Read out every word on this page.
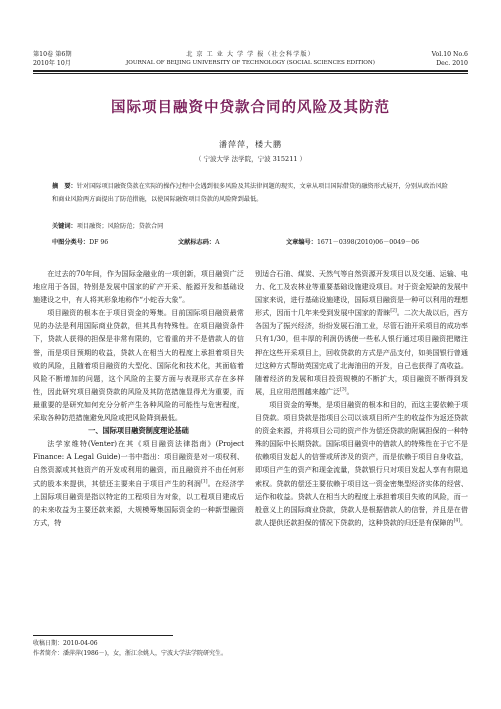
第10卷 第6期
2010年 10月
北 京 工 业 大 学 学 报（社会科学版）
JOURNAL OF BEIJING UNIVERSITY OF TECHNOLOGY (SOCIAL SCIENCES EDITION)
Vol.10 No.6
Dec. 2010
国际项目融资中贷款合同的风险及其防范
潘萍萍，楼大鹏
（ 宁波大学 法学院，宁波 315211 ）
摘　要：针对国际项目融资贷款在实际的操作过程中会遇到很多风险及其法律问题的现实，文章从项目国际借贷的融资形式展开，分别从政治风险和商业风险两方面提出了防范措施，以使国际融资项目贷款的风险降到最低。
关键词：项目融资；风险防范；贷款合同
中图分类号：DF 96	文献标志码：A	文章编号：1671－0398(2010)06－0049－06

在过去的70年间，作为国际金融业的一项创新，项目融资广泛地应用于各国，特别是发展中国家的矿产开采、能源开发和基础设施建设之中，有人将其形象地称作“小蛇吞大象”。

项目融资的根本在于项目资金的筹集。目前国际项目融资最常见的办法是利用国际商业贷款，但其具有特殊性。在项目融资条件下，贷款人获得的担保是非常有限的，它看重的并不是借款人的信誉，而是项目预期的收益，贷款人在相当大的程度上承担着项目失败的风险，且随着项目融资的大型化、国际化和技术化，其面临着风险不断增加的问题，这个风险的主要方面与表现形式存在多样性，因此研究项目融资贷款的风险及其防范措施显得尤为重要，而最重要的是研究如何充分分析产生各种风险的可能性与危害程度，采取各种防范措施避免风险或把风险降到最低。

一、国际项目融资制度理论基础

法学家维特(Venter)在其《项目融资法律指南》(Project Finance: A Legal Guide)一书中指出：项目融资是对一项权利、自然资源或其他资产的开发或利用的融资，而且融资并不由任何形式的股本来提供，其偿还主要来自于项目产生的利润[1]。在经济学上国际项目融资是指以特定的工程项目为对象，以工程项目建成后的未来收益为主要还款来源，大规模筹集国际资金的一种新型融资方式，特

别适合石油、煤炭、天然气等自然资源开发项目以及交通、运输、电力、化工及农林业等重要基础设施建设项目。对于资金短缺的发展中国家来说，进行基础设施建设，国际项目融资是一种可以利用的理想形式，因而十几年来受到发展中国家的青睐[2]。二次大战以后，西方各国为了振兴经济，纷纷发展石油工业，尽管石油开采项目的成功率只有1/30，但丰厚的利润仍诱使一些私人银行通过项目融资把赌注押在这些开采项目上，回收贷款的方式是产品支付，如美国银行曾通过这种方式帮助英国完成了北海油田的开发，自己也获得了高收益。随着经济的发展和项目投资规模的不断扩大，项目融资不断得到发展，且应用范围越来越广泛[3]。

项目资金的筹集，是项目融资的根本和目的，而这主要依赖于项目贷款。项目贷款是指项目公司以该项目所产生的收益作为返还贷款的资金来源，并将项目公司的资产作为偿还贷款的附属担保的一种特殊的国际中长期贷款。国际项目融资中的借款人的特殊性在于它不是依赖项目发起人的信誉或所涉及的资产，而是依赖于项目自身收益，即项目产生的资产和现金流量，贷款银行只对项目发起人享有有限追索权。贷款的偿还主要依赖于项目这一资金密集型经济实体的经营、运作和收益。贷款人在相当大的程度上承担着项目失败的风险，而一般意义上的国际商业贷款，贷款人是根据借款人的信誉，并且是在借款人提供还款担保的情况下贷款的，这种贷款的归还是有保障的[4]。

收稿日期：2010-04-06
作者简介：潘萍萍(1986－)，女，浙江余姚人，宁波大学法学院研究生。
